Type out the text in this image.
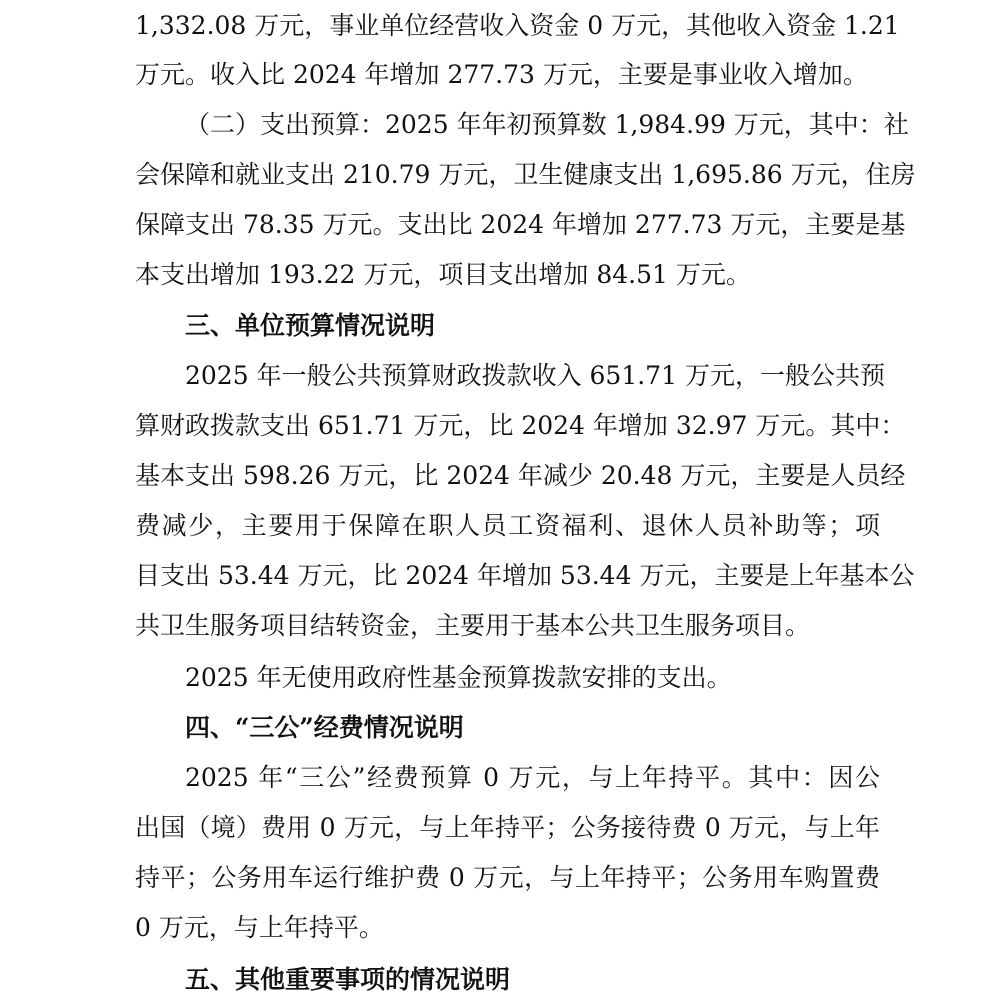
1,332.08 万元，事业单位经营收入资金 0 万元，其他收入资金 1.21
万元。收入比 2024 年增加 277.73 万元，主要是事业收入增加。
（二）支出预算：2025 年年初预算数 1,984.99 万元，其中：社
会保障和就业支出 210.79 万元，卫生健康支出 1,695.86 万元，住房
保障支出 78.35 万元。支出比 2024 年增加 277.73 万元，主要是基
本支出增加 193.22 万元，项目支出增加 84.51 万元。
三、单位预算情况说明
2025 年一般公共预算财政拨款收入 651.71 万元，一般公共预
算财政拨款支出 651.71 万元，比 2024 年增加 32.97 万元。其中：
基本支出 598.26 万元，比 2024 年减少 20.48 万元，主要是人员经
费减少，主要用于保障在职人员工资福利、退休人员补助等；项
目支出 53.44 万元，比 2024 年增加 53.44 万元，主要是上年基本公
共卫生服务项目结转资金，主要用于基本公共卫生服务项目。
2025 年无使用政府性基金预算拨款安排的支出。
四、“三公”经费情况说明
2025 年“三公”经费预算 0 万元，与上年持平。其中：因公
出国（境）费用 0 万元，与上年持平；公务接待费 0 万元，与上年
持平；公务用车运行维护费 0 万元，与上年持平；公务用车购置费
0 万元，与上年持平。
五、其他重要事项的情况说明
